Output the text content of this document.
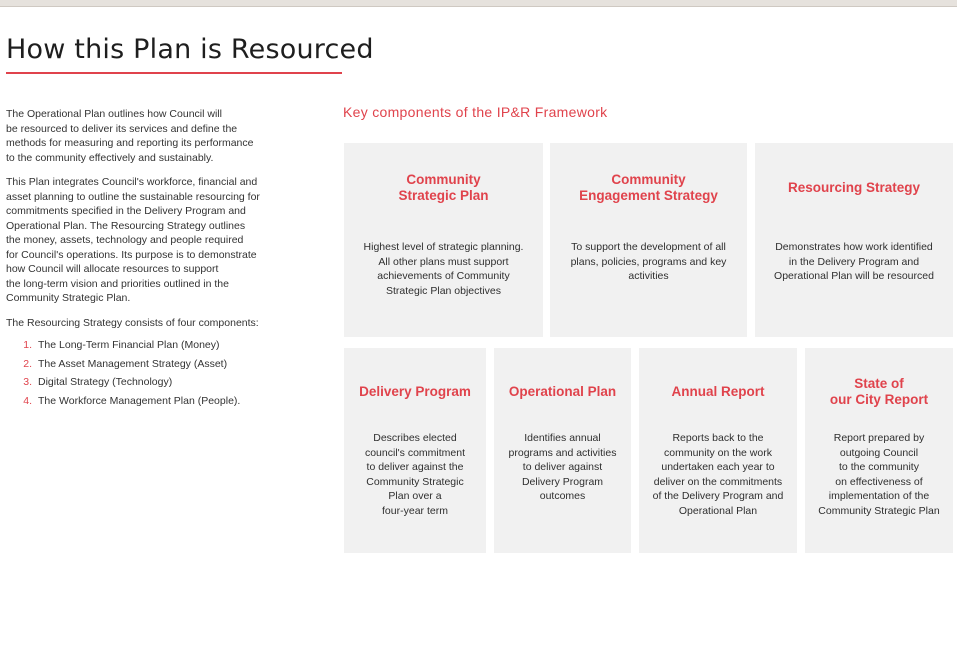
How this Plan is Resourced

The Operational Plan outlines how Council will
be resourced to deliver its services and define the
methods for measuring and reporting its performance
to the community effectively and sustainably.

This Plan integrates Council's workforce, financial and
asset planning to outline the sustainable resourcing for
commitments specified in the Delivery Program and
Operational Plan. The Resourcing Strategy outlines
the money, assets, technology and people required
for Council's operations. Its purpose is to demonstrate
how Council will allocate resources to support
the long-term vision and priorities outlined in the
Community Strategic Plan.

The Resourcing Strategy consists of four components:

1. The Long-Term Financial Plan (Money)
2. The Asset Management Strategy (Asset)
3. Digital Strategy (Technology)
4. The Workforce Management Plan (People).
Key components of the IP&R Framework
Community
Strategic Plan
Highest level of strategic planning.
All other plans must support
achievements of Community
Strategic Plan objectives
Community
Engagement Strategy
To support the development of all
plans, policies, programs and key
activities
Resourcing Strategy
Demonstrates how work identified
in the Delivery Program and
Operational Plan will be resourced
Delivery Program
Describes elected
council's commitment
to deliver against the
Community Strategic
Plan over a
four-year term
Operational Plan
Identifies annual
programs and activities
to deliver against
Delivery Program
outcomes
Annual Report
Reports back to the
community on the work
undertaken each year to
deliver on the commitments
of the Delivery Program and
Operational Plan
State of
our City Report
Report prepared by
outgoing Council
to the community
on effectiveness of
implementation of the
Community Strategic Plan
